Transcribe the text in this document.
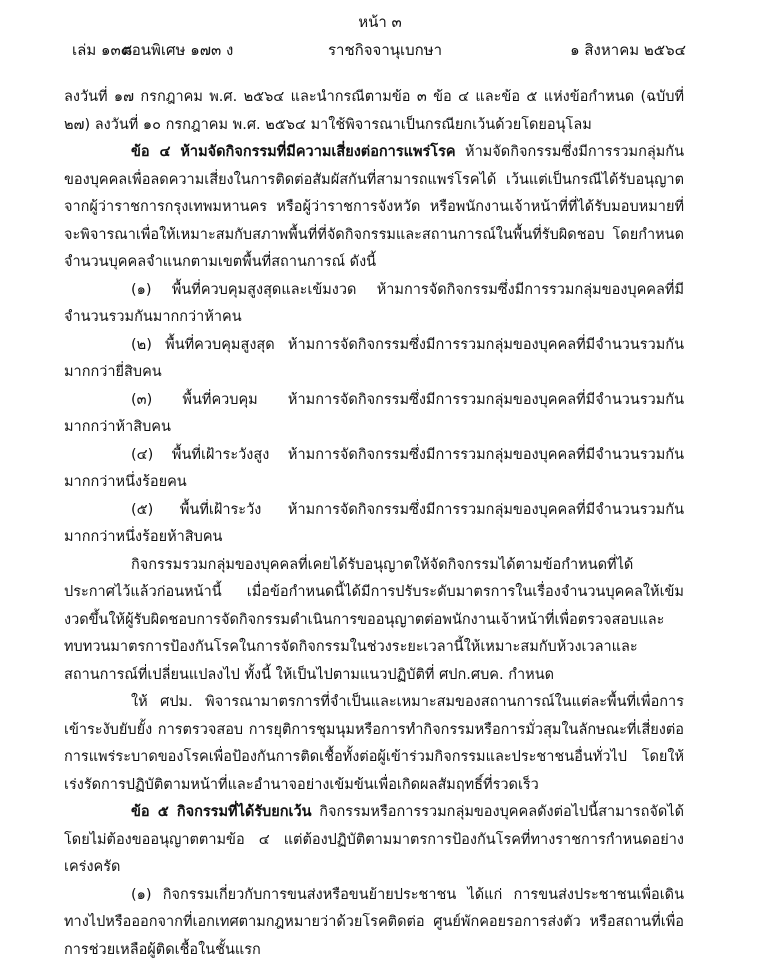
หน้า ๓
เล่ม ๑๓๘
ตอนพิเศษ ๑๗๓ ง	ราชกิจจานุเบกษา	๑ สิงหาคม ๒๕๖๔

ลงวันที่ ๑๗ กรกฎาคม พ.ศ. ๒๕๖๔ และนำกรณีตามข้อ ๓ ข้อ ๔ และข้อ ๕ แห่งข้อกำหนด (ฉบับที่ ๒๗) ลงวันที่ ๑๐ กรกฎาคม พ.ศ. ๒๕๖๔ มาใช้พิจารณาเป็นกรณียกเว้นด้วยโดยอนุโลม

ข้อ ๔ ห้ามจัดกิจกรรมที่มีความเสี่ยงต่อการแพร่โรค ห้ามจัดกิจกรรมซึ่งมีการรวมกลุ่มกันของบุคคลเพื่อลดความเสี่ยงในการติดต่อสัมผัสกันที่สามารถแพร่โรคได้ เว้นแต่เป็นกรณีได้รับอนุญาตจากผู้ว่าราชการกรุงเทพมหานคร หรือผู้ว่าราชการจังหวัด หรือพนักงานเจ้าหน้าที่ที่ได้รับมอบหมายที่จะพิจารณาเพื่อให้เหมาะสมกับสภาพพื้นที่ที่จัดกิจกรรมและสถานการณ์ในพื้นที่รับผิดชอบ โดยกำหนดจำนวนบุคคลจำแนกตามเขตพื้นที่สถานการณ์ ดังนี้

(๑) พื้นที่ควบคุมสูงสุดและเข้มงวด ห้ามการจัดกิจกรรมซึ่งมีการรวมกลุ่มของบุคคลที่มีจำนวนรวมกันมากกว่าห้าคน

(๒) พื้นที่ควบคุมสูงสุด ห้ามการจัดกิจกรรมซึ่งมีการรวมกลุ่มของบุคคลที่มีจำนวนรวมกันมากกว่ายี่สิบคน

(๓) พื้นที่ควบคุม ห้ามการจัดกิจกรรมซึ่งมีการรวมกลุ่มของบุคคลที่มีจำนวนรวมกันมากกว่าห้าสิบคน

(๔) พื้นที่เฝ้าระวังสูง ห้ามการจัดกิจกรรมซึ่งมีการรวมกลุ่มของบุคคลที่มีจำนวนรวมกันมากกว่าหนึ่งร้อยคน

(๕) พื้นที่เฝ้าระวัง ห้ามการจัดกิจกรรมซึ่งมีการรวมกลุ่มของบุคคลที่มีจำนวนรวมกันมากกว่าหนึ่งร้อยห้าสิบคน

กิจกรรมรวมกลุ่มของบุคคลที่เคยได้รับอนุญาตให้จัดกิจกรรมได้ตามข้อกำหนดที่ได้ประกาศไว้แล้วก่อนหน้านี้ เมื่อข้อกำหนดนี้ได้มีการปรับระดับมาตรการในเรื่องจำนวนบุคคลให้เข้มงวดขึ้นให้ผู้รับผิดชอบการจัดกิจกรรมดำเนินการขออนุญาตต่อพนักงานเจ้าหน้าที่เพื่อตรวจสอบและทบทวนมาตรการป้องกันโรคในการจัดกิจกรรมในช่วงระยะเวลานี้ให้เหมาะสมกับห้วงเวลาและสถานการณ์ที่เปลี่ยนแปลงไป ทั้งนี้ ให้เป็นไปตามแนวปฏิบัติที่ ศปก.ศบค. กำหนด

ให้ ศปม. พิจารณามาตรการที่จำเป็นและเหมาะสมของสถานการณ์ในแต่ละพื้นที่เพื่อการเข้าระงับยับยั้ง การตรวจสอบ การยุติการชุมนุมหรือการทำกิจกรรมหรือการมั่วสุมในลักษณะที่เสี่ยงต่อการแพร่ระบาดของโรคเพื่อป้องกันการติดเชื้อทั้งต่อผู้เข้าร่วมกิจกรรมและประชาชนอื่นทั่วไป โดยให้เร่งรัดการปฏิบัติตามหน้าที่และอำนาจอย่างเข้มข้นเพื่อเกิดผลสัมฤทธิ์ที่รวดเร็ว

ข้อ ๕ กิจกรรมที่ได้รับยกเว้น กิจกรรมหรือการรวมกลุ่มของบุคคลดังต่อไปนี้สามารถจัดได้โดยไม่ต้องขออนุญาตตามข้อ ๔ แต่ต้องปฏิบัติตามมาตรการป้องกันโรคที่ทางราชการกำหนดอย่างเคร่งครัด

(๑) กิจกรรมเกี่ยวกับการขนส่งหรือขนย้ายประชาชน ได้แก่ การขนส่งประชาชนเพื่อเดินทางไปหรือออกจากที่เอกเทศตามกฎหมายว่าด้วยโรคติดต่อ ศูนย์พักคอยรอการส่งตัว หรือสถานที่เพื่อการช่วยเหลือผู้ติดเชื้อในชั้นแรก
